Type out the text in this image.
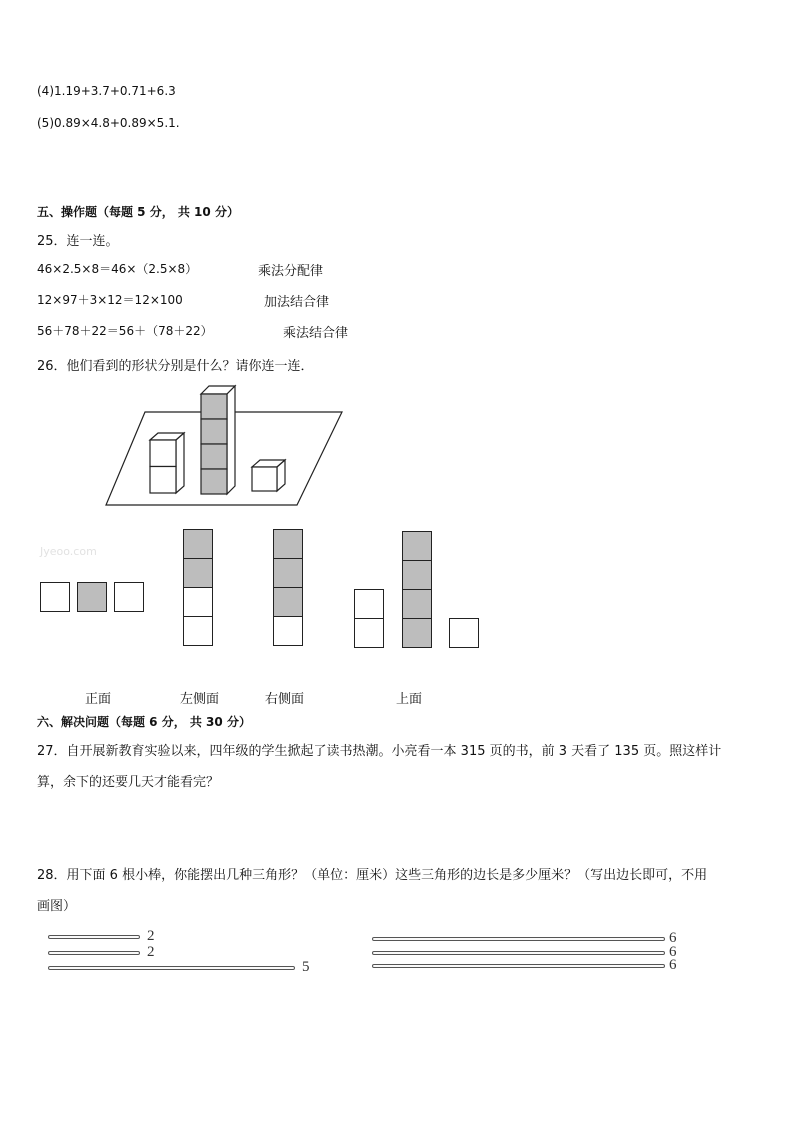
(4)1.19+3.7+0.71+6.3
(5)0.89×4.8+0.89×5.1.
五、操作题（每题 5 分， 共 10 分）
25．连一连。
46×2.5×8＝46×（2.5×8）	乘法分配律
12×97＋3×12＝12×100	加法结合律
56＋78＋22＝56＋（78＋22）	乘法结合律
26．他们看到的形状分别是什么？请你连一连．
Jyeoo.com
正面	左侧面	右侧面	上面
六、解决问题（每题 6 分， 共 30 分）
27．自开展新教育实验以来，四年级的学生掀起了读书热潮。小亮看一本 315 页的书，前 3 天看了 135 页。照这样计
算，余下的还要几天才能看完？
28．用下面 6 根小棒，你能摆出几种三角形？（单位：厘米）这些三角形的边长是多少厘米？（写出边长即可，不用
画图）
2
2
5
6
6
6
